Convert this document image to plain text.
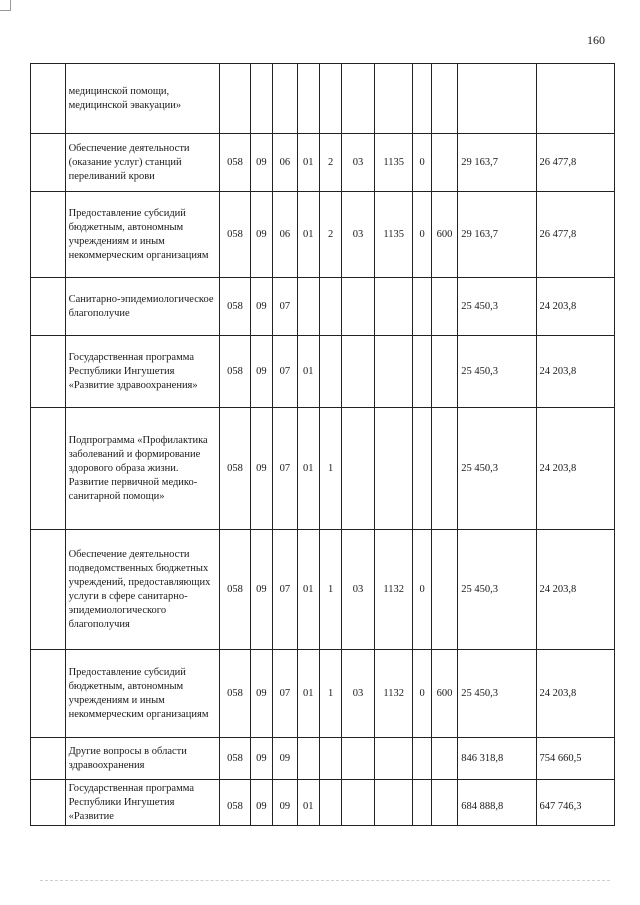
160
	медицинской помощи, медицинской эвакуации»											
	Обеспечение деятельности (оказание услуг) станций переливаний крови	058	09	06	01	2	03	1135	0		29 163,7	26 477,8
	Предоставление субсидий бюджетным, автономным учреждениям и иным некоммерческим организациям	058	09	06	01	2	03	1135	0	600	29 163,7	26 477,8
	Санитарно-эпидемиологическое благополучие	058	09	07							25 450,3	24 203,8
	Государственная программа Республики Ингушетия «Развитие здравоохранения»	058	09	07	01						25 450,3	24 203,8
	Подпрограмма «Профилактика заболеваний и формирование здорового образа жизни. Развитие первичной медико-санитарной помощи»	058	09	07	01	1					25 450,3	24 203,8
	Обеспечение деятельности подведомственных бюджетных учреждений, предоставляющих услуги в сфере санитарно-эпидемиологического благополучия	058	09	07	01	1	03	1132	0		25 450,3	24 203,8
	Предоставление субсидий бюджетным, автономным учреждениям и иным некоммерческим организациям	058	09	07	01	1	03	1132	0	600	25 450,3	24 203,8
	Другие вопросы в области здравоохранения	058	09	09							846 318,8	754 660,5
	Государственная программа Республики Ингушетия «Развитие	058	09	09	01						684 888,8	647 746,3
